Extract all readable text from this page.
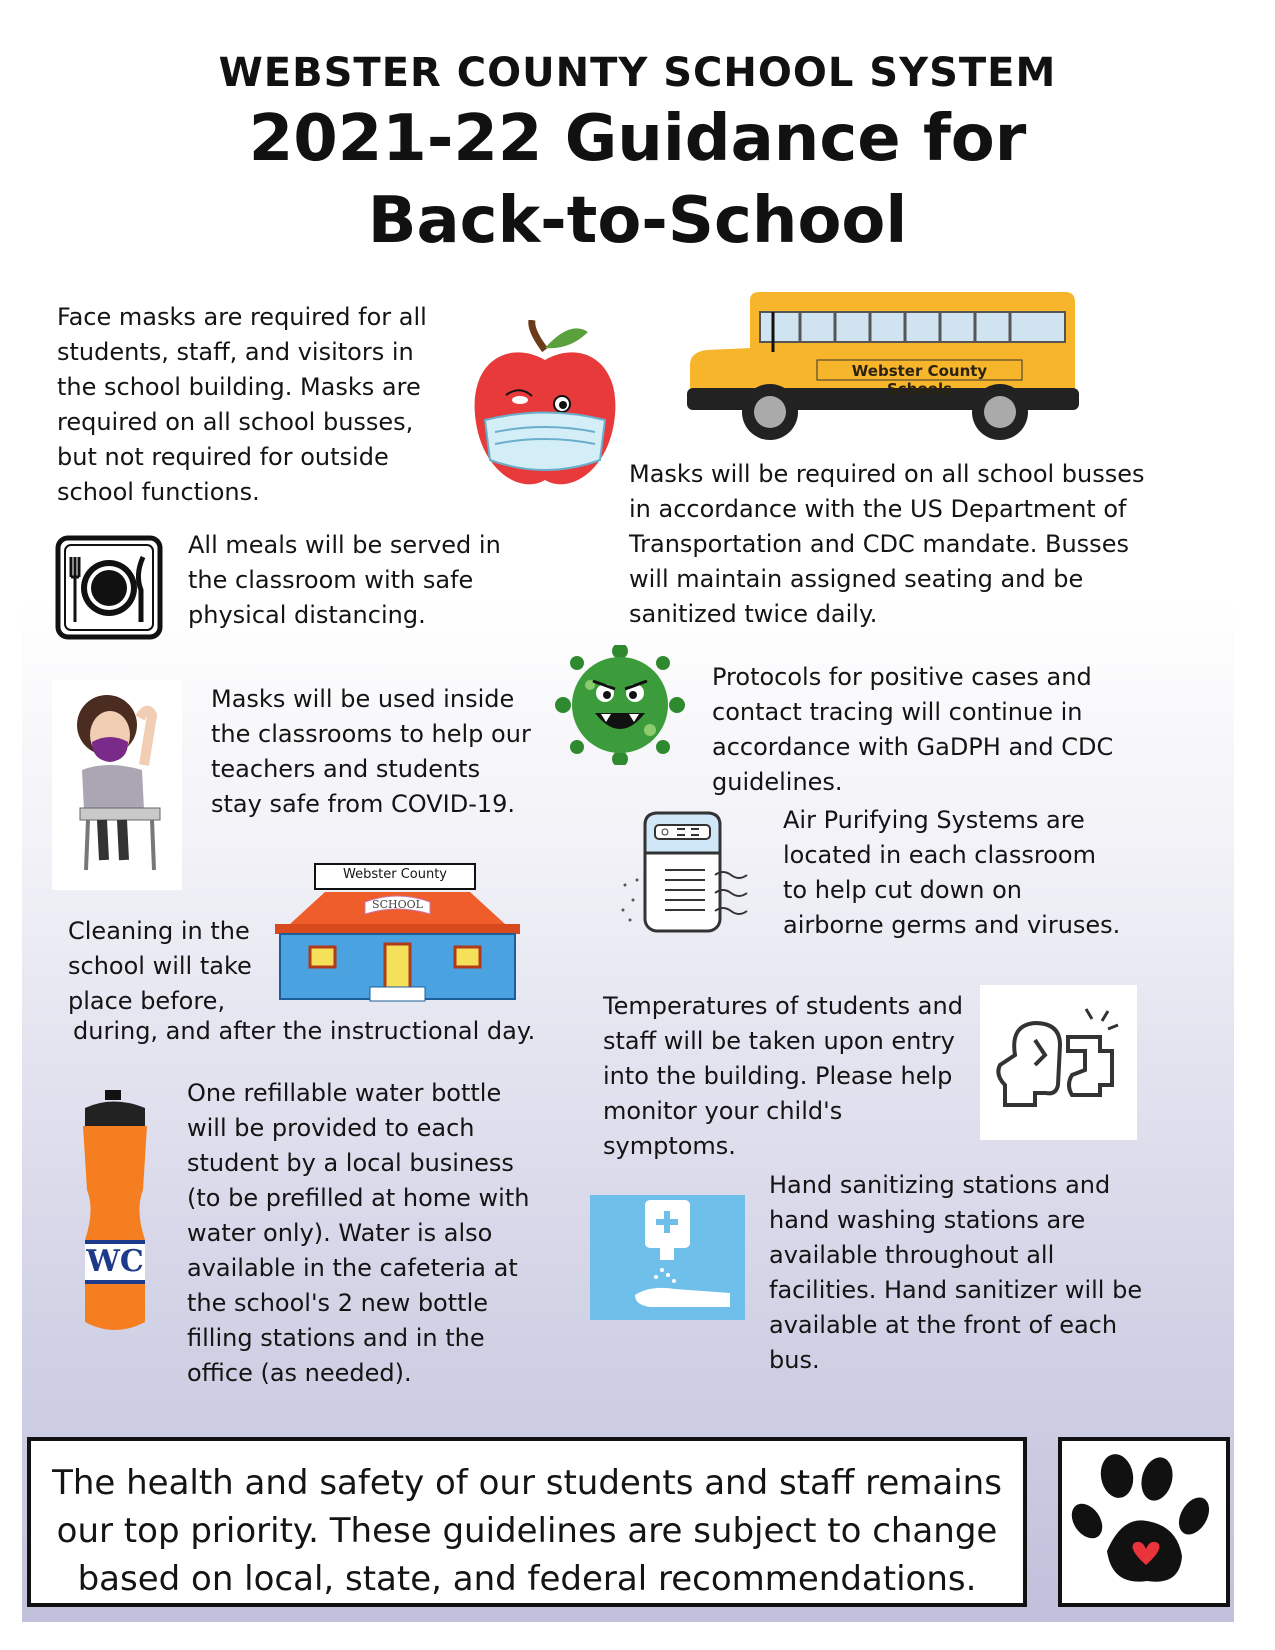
WEBSTER COUNTY SCHOOL SYSTEM
2021-22 Guidance for
Back-to-School
Face masks are required for all students, staff, and visitors in the school building. Masks are required on all school busses, but not required for outside school functions.
All meals will be served in the classroom with safe physical distancing.
Masks will be used inside the classrooms to help our teachers and students stay safe from COVID-19.
Webster County
SCHOOL
Cleaning in the school will take place before,
during, and after the instructional day.
WC
One refillable water bottle will be provided to each student by a local business (to be prefilled at home with water only). Water is also available in the cafeteria at the school's 2 new bottle filling stations and in the office (as needed).
Webster County Schools
Masks will be required on all school busses in accordance with the US Department of Transportation and CDC mandate. Busses will maintain assigned seating and be sanitized twice daily.
Protocols for positive cases and contact tracing will continue in accordance with GaDPH and CDC guidelines.
Air Purifying Systems are located in each classroom to help cut down on airborne germs and viruses.
Temperatures of students and staff will be taken upon entry into the building. Please help monitor your child's symptoms.
Hand sanitizing stations and hand washing stations are available throughout all facilities. Hand sanitizer will be available at the front of each bus.
The health and safety of our students and staff remains
our top priority. These guidelines are subject to change
based on local, state, and federal recommendations.
